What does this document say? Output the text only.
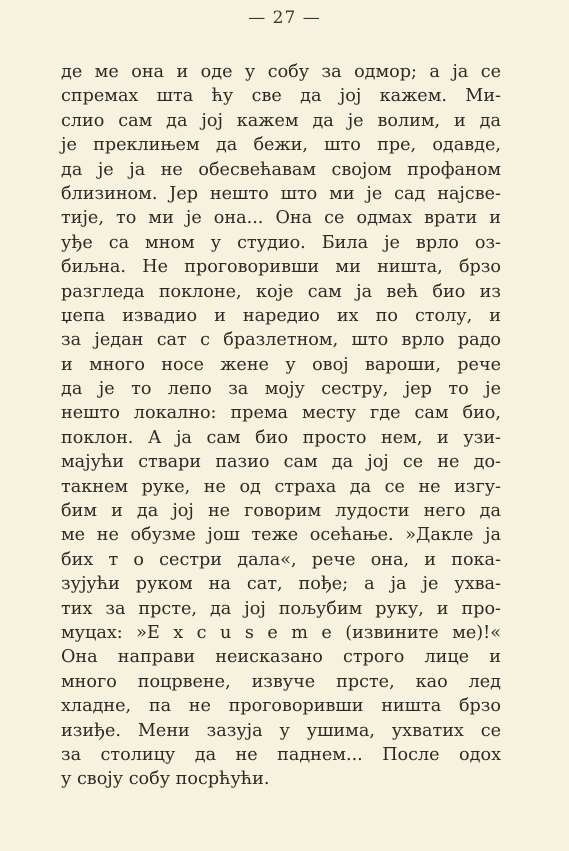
— 27 —
де ме она и оде у собу за одмор; а ја се
спремах шта ћу све да јој кажем. Ми-
слио сам да јој кажем да је волим, и да
је преклињем да бежи, што пре, одавде,
да је ја не обесвећавам својом профаном
близином. Јер нешто што ми је сад најсве-
тије, то ми је она... Она се одмах врати и
уђе са мном у студио. Била је врло оз-
биљна. Не проговоривши ми ништа, брзо
разгледа поклоне, које сам ја већ био из
џепа извадио и наредио их по столу, и
за један сат с бразлетном, што врло радо
и много носе жене у овој вароши, рече
да је то лепо за моју сестру, јер то је
нешто локално: према месту где сам био,
поклон. А ја сам био просто нем, и узи-
мајући ствари пазио сам да јој се не до-
такнем руке, не од страха да се не изгу-
бим и да јој не говорим лудости него да
ме не обузме још теже осећање. »Дакле ја
бих т о сестри дала«, рече она, и пока-
зујући руком на сат, пође; а ја је ухва-
тих за прсте, да јој пољубим руку, и про-
муцах: »E x c u s e m e (извините ме)!«
Она направи неисказано строго лице и
много поцрвене, извуче прсте, као лед
хладне, па не проговоривши ништа брзо
изиђе. Мени зазуја у ушима, ухватих се
за столицу да не паднем... После одох
у своју собу посрћући.
